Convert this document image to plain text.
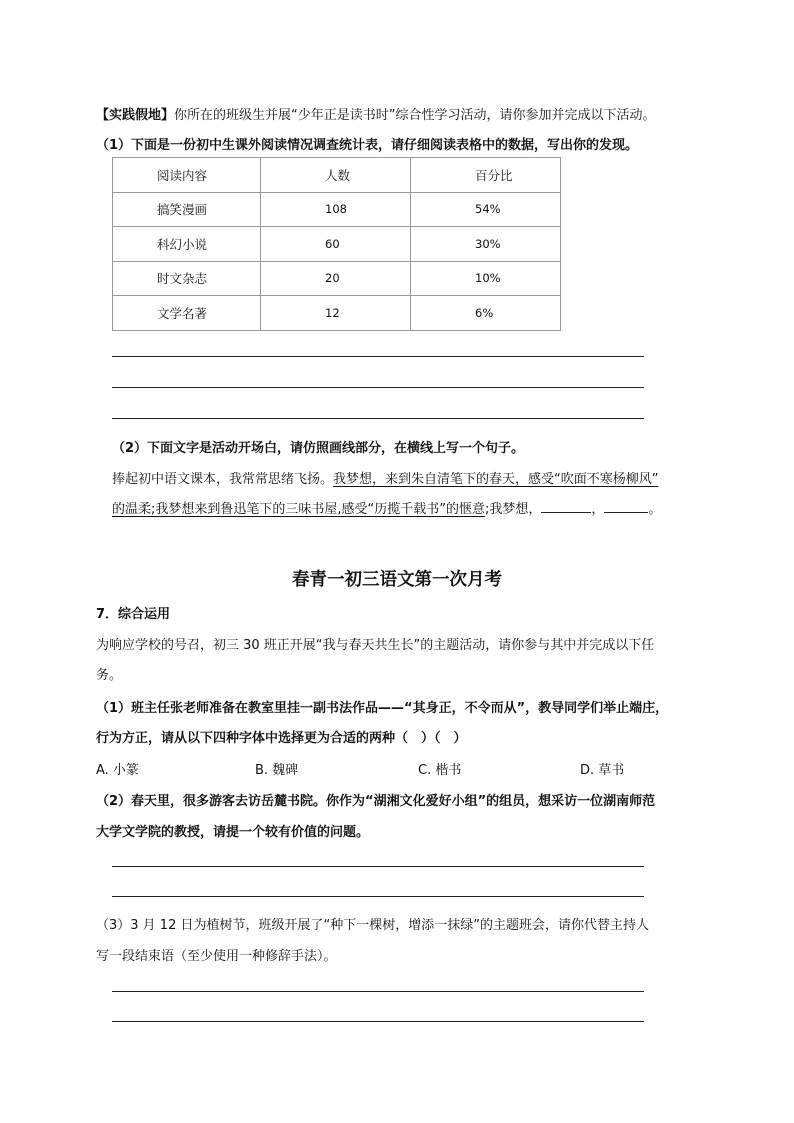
【实践假地】你所在的班级生并展“少年正是读书时”综合性学习活动，请你参加并完成以下活动。
（1）下面是一份初中生课外阅读情况调查统计表，请仔细阅读表格中的数据，写出你的发现。
阅读内容	人数	百分比
搞笑漫画	108	54%
科幻小说	60	30%
时文杂志	20	10%
文学名著	12	6%
（2）下面文字是活动开场白，请仿照画线部分，在横线上写一个句子。
捧起初中语文课本，我常常思绪飞扬。我梦想，来到朱自清笔下的春天，感受“吹面不寒杨柳风”
的温柔;我梦想来到鲁迅笔下的三味书屋,感受“历揽千载书”的惬意;我梦想，	，	。
春青一初三语文第一次月考
7．综合运用
为响应学校的号召，初三 30 班正开展“我与春天共生长”的主题活动，请你参与其中并完成以下任
务。
（1）班主任张老师准备在教室里挂一副书法作品——“其身正，不令而从”，教导同学们举止端庄，
行为方正，请从以下四种字体中选择更为合适的两种（　）（　）
A. 小篆	B. 魏碑	C. 楷书	D. 草书
（2）春天里，很多游客去访岳麓书院。你作为“湖湘文化爱好小组”的组员，想采访一位湖南师范
大学文学院的教授，请提一个较有价值的问题。
（3）3 月 12 日为植树节，班级开展了“种下一棵树，增添一抹绿”的主题班会，请你代替主持人
写一段结束语（至少使用一种修辞手法）。
